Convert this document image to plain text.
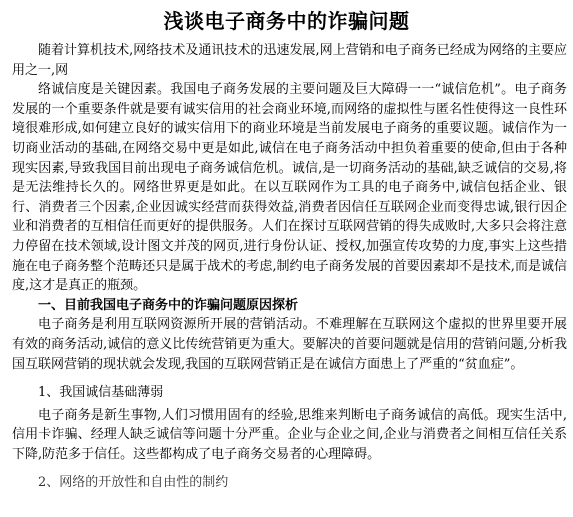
浅谈电子商务中的诈骗问题

随着计算机技术,网络技术及通讯技术的迅速发展,网上营销和电子商务已经成为网络的主要应用之一,网

络诚信度是关键因素。我国电子商务发展的主要问题及巨大障碍一一“诚信危机”。电子商务发展的一个重要条件就是要有诚实信用的社会商业环境,而网络的虚拟性与匿名性使得这一良性环境很难形成,如何建立良好的诚实信用下的商业环境是当前发展电子商务的重要议题。诚信作为一切商业活动的基础,在网络交易中更是如此,诚信在电子商务活动中担负着重要的使命,但由于各种现实因素,导致我国目前出现电子商务诚信危机。诚信,是一切商务活动的基础,缺乏诚信的交易,将是无法维持长久的。网络世界更是如此。在以互联网作为工具的电子商务中,诚信包括企业、银行、消费者三个因素,企业因诚实经营而获得效益,消费者因信任互联网企业而变得忠诚,银行因企业和消费者的互相信任而更好的提供服务。人们在探讨互联网营销的得失成败时,大多只会将注意力停留在技术领域,设计图文并茂的网页,进行身份认证、授权,加强宣传攻势的力度,事实上这些措施在电子商务整个范畴还只是属于战术的考虑,制约电子商务发展的首要因素却不是技术,而是诚信度,这才是真正的瓶颈。

一、目前我国电子商务中的诈骗问题原因探析

电子商务是利用互联网资源所开展的营销活动。不难理解在互联网这个虚拟的世界里要开展有效的商务活动,诚信的意义比传统营销更为重大。要解决的首要问题就是信用的营销问题,分析我国互联网营销的现状就会发现,我国的互联网营销正是在诚信方面患上了严重的“贫血症”。

1、我国诚信基础薄弱

电子商务是新生事物,人们习惯用固有的经验,思维来判断电子商务诚信的高低。现实生活中,信用卡诈骗、经理人缺乏诚信等问题十分严重。企业与企业之间,企业与消费者之间相互信任关系下降,防范多于信任。这些都构成了电子商务交易者的心理障碍。

2、网络的开放性和自由性的制约
